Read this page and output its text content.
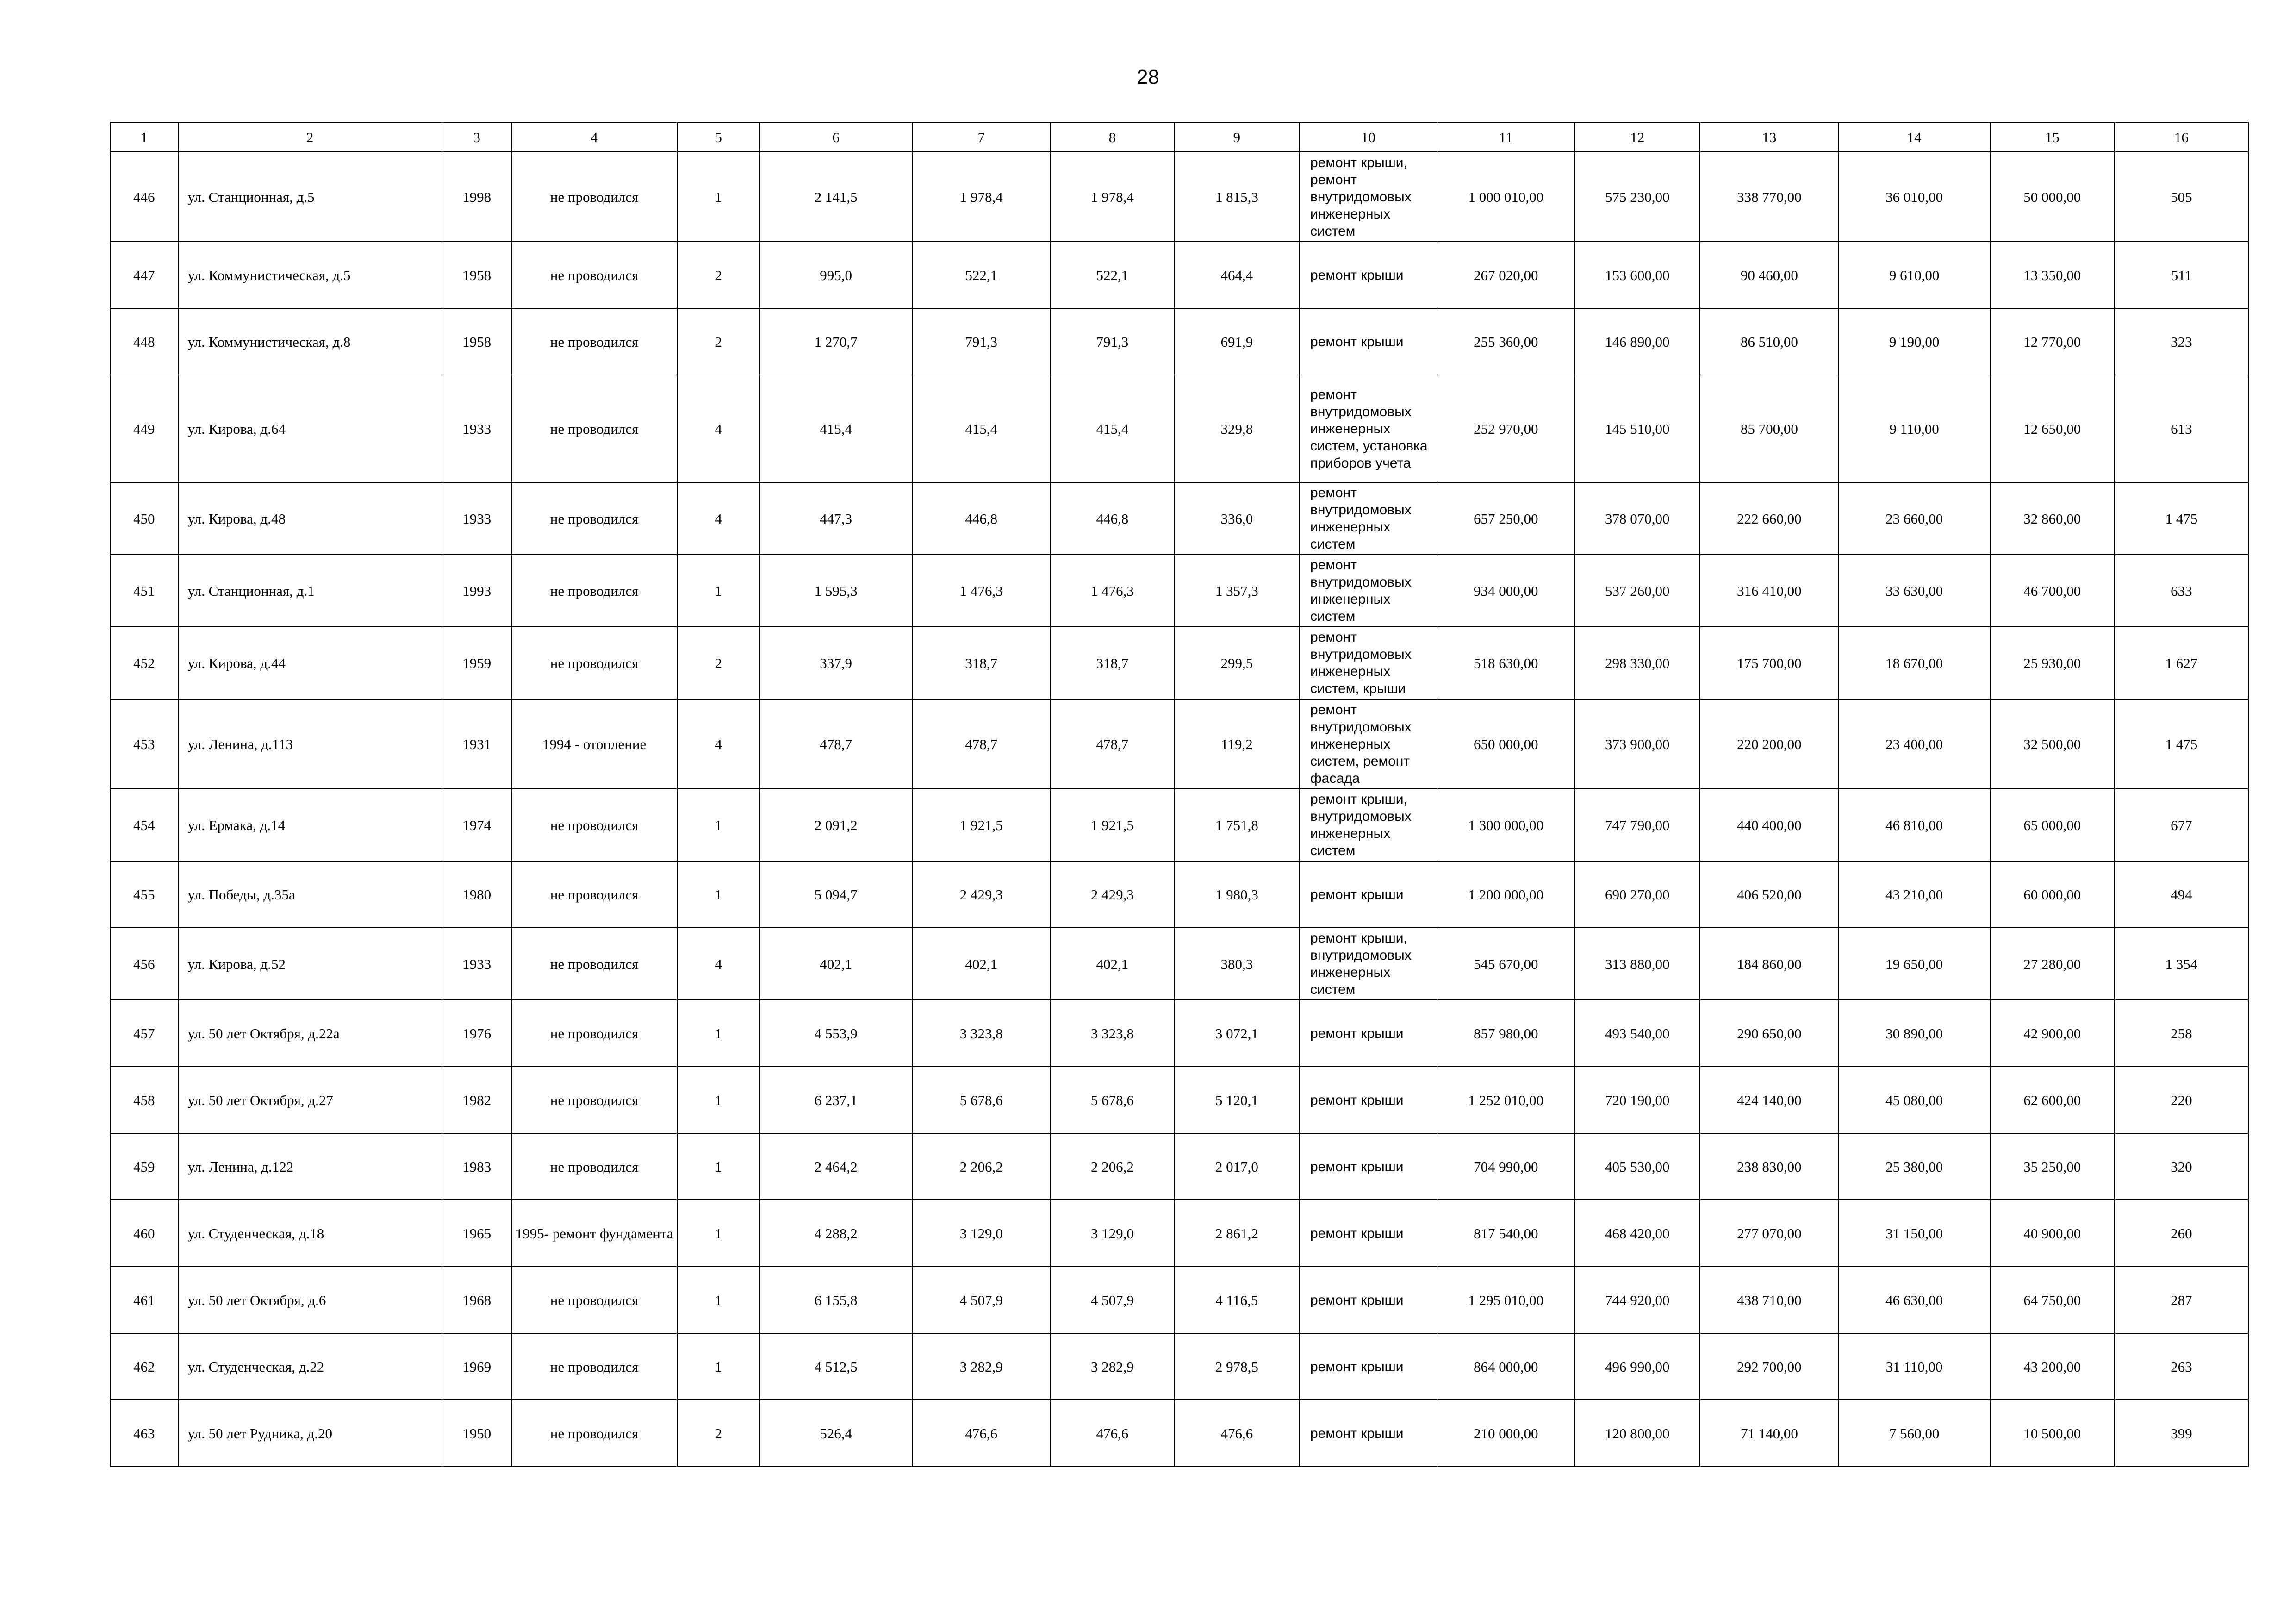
28
1	2	3	4	5	6	7	8	9	10	11	12	13	14	15	16
446	ул. Станционная, д.5	1998	не проводился	1	2 141,5	1 978,4	1 978,4	1 815,3	ремонт крыши, ремонт внутридомовых инженерных систем	1 000 010,00	575 230,00	338 770,00	36 010,00	50 000,00	505
447	ул. Коммунистическая, д.5	1958	не проводился	2	995,0	522,1	522,1	464,4	ремонт крыши	267 020,00	153 600,00	90 460,00	9 610,00	13 350,00	511
448	ул. Коммунистическая, д.8	1958	не проводился	2	1 270,7	791,3	791,3	691,9	ремонт крыши	255 360,00	146 890,00	86 510,00	9 190,00	12 770,00	323
449	ул. Кирова, д.64	1933	не проводился	4	415,4	415,4	415,4	329,8	ремонт внутридомовых инженерных систем, установка приборов учета	252 970,00	145 510,00	85 700,00	9 110,00	12 650,00	613
450	ул. Кирова, д.48	1933	не проводился	4	447,3	446,8	446,8	336,0	ремонт внутридомовых инженерных систем	657 250,00	378 070,00	222 660,00	23 660,00	32 860,00	1 475
451	ул. Станционная, д.1	1993	не проводился	1	1 595,3	1 476,3	1 476,3	1 357,3	ремонт внутридомовых инженерных систем	934 000,00	537 260,00	316 410,00	33 630,00	46 700,00	633
452	ул. Кирова, д.44	1959	не проводился	2	337,9	318,7	318,7	299,5	ремонт внутридомовых инженерных систем, крыши	518 630,00	298 330,00	175 700,00	18 670,00	25 930,00	1 627
453	ул. Ленина, д.113	1931	1994 - отопление	4	478,7	478,7	478,7	119,2	ремонт внутридомовых инженерных систем, ремонт фасада	650 000,00	373 900,00	220 200,00	23 400,00	32 500,00	1 475
454	ул. Ермака, д.14	1974	не проводился	1	2 091,2	1 921,5	1 921,5	1 751,8	ремонт крыши, внутридомовых инженерных систем	1 300 000,00	747 790,00	440 400,00	46 810,00	65 000,00	677
455	ул. Победы, д.35а	1980	не проводился	1	5 094,7	2 429,3	2 429,3	1 980,3	ремонт крыши	1 200 000,00	690 270,00	406 520,00	43 210,00	60 000,00	494
456	ул. Кирова, д.52	1933	не проводился	4	402,1	402,1	402,1	380,3	ремонт крыши, внутридомовых инженерных систем	545 670,00	313 880,00	184 860,00	19 650,00	27 280,00	1 354
457	ул. 50 лет Октября, д.22а	1976	не проводился	1	4 553,9	3 323,8	3 323,8	3 072,1	ремонт крыши	857 980,00	493 540,00	290 650,00	30 890,00	42 900,00	258
458	ул. 50 лет Октября, д.27	1982	не проводился	1	6 237,1	5 678,6	5 678,6	5 120,1	ремонт крыши	1 252 010,00	720 190,00	424 140,00	45 080,00	62 600,00	220
459	ул. Ленина, д.122	1983	не проводился	1	2 464,2	2 206,2	2 206,2	2 017,0	ремонт крыши	704 990,00	405 530,00	238 830,00	25 380,00	35 250,00	320
460	ул. Студенческая, д.18	1965	1995- ремонт фундамента	1	4 288,2	3 129,0	3 129,0	2 861,2	ремонт крыши	817 540,00	468 420,00	277 070,00	31 150,00	40 900,00	260
461	ул. 50 лет Октября, д.6	1968	не проводился	1	6 155,8	4 507,9	4 507,9	4 116,5	ремонт крыши	1 295 010,00	744 920,00	438 710,00	46 630,00	64 750,00	287
462	ул. Студенческая, д.22	1969	не проводился	1	4 512,5	3 282,9	3 282,9	2 978,5	ремонт крыши	864 000,00	496 990,00	292 700,00	31 110,00	43 200,00	263
463	ул. 50 лет Рудника, д.20	1950	не проводился	2	526,4	476,6	476,6	476,6	ремонт крыши	210 000,00	120 800,00	71 140,00	7 560,00	10 500,00	399
